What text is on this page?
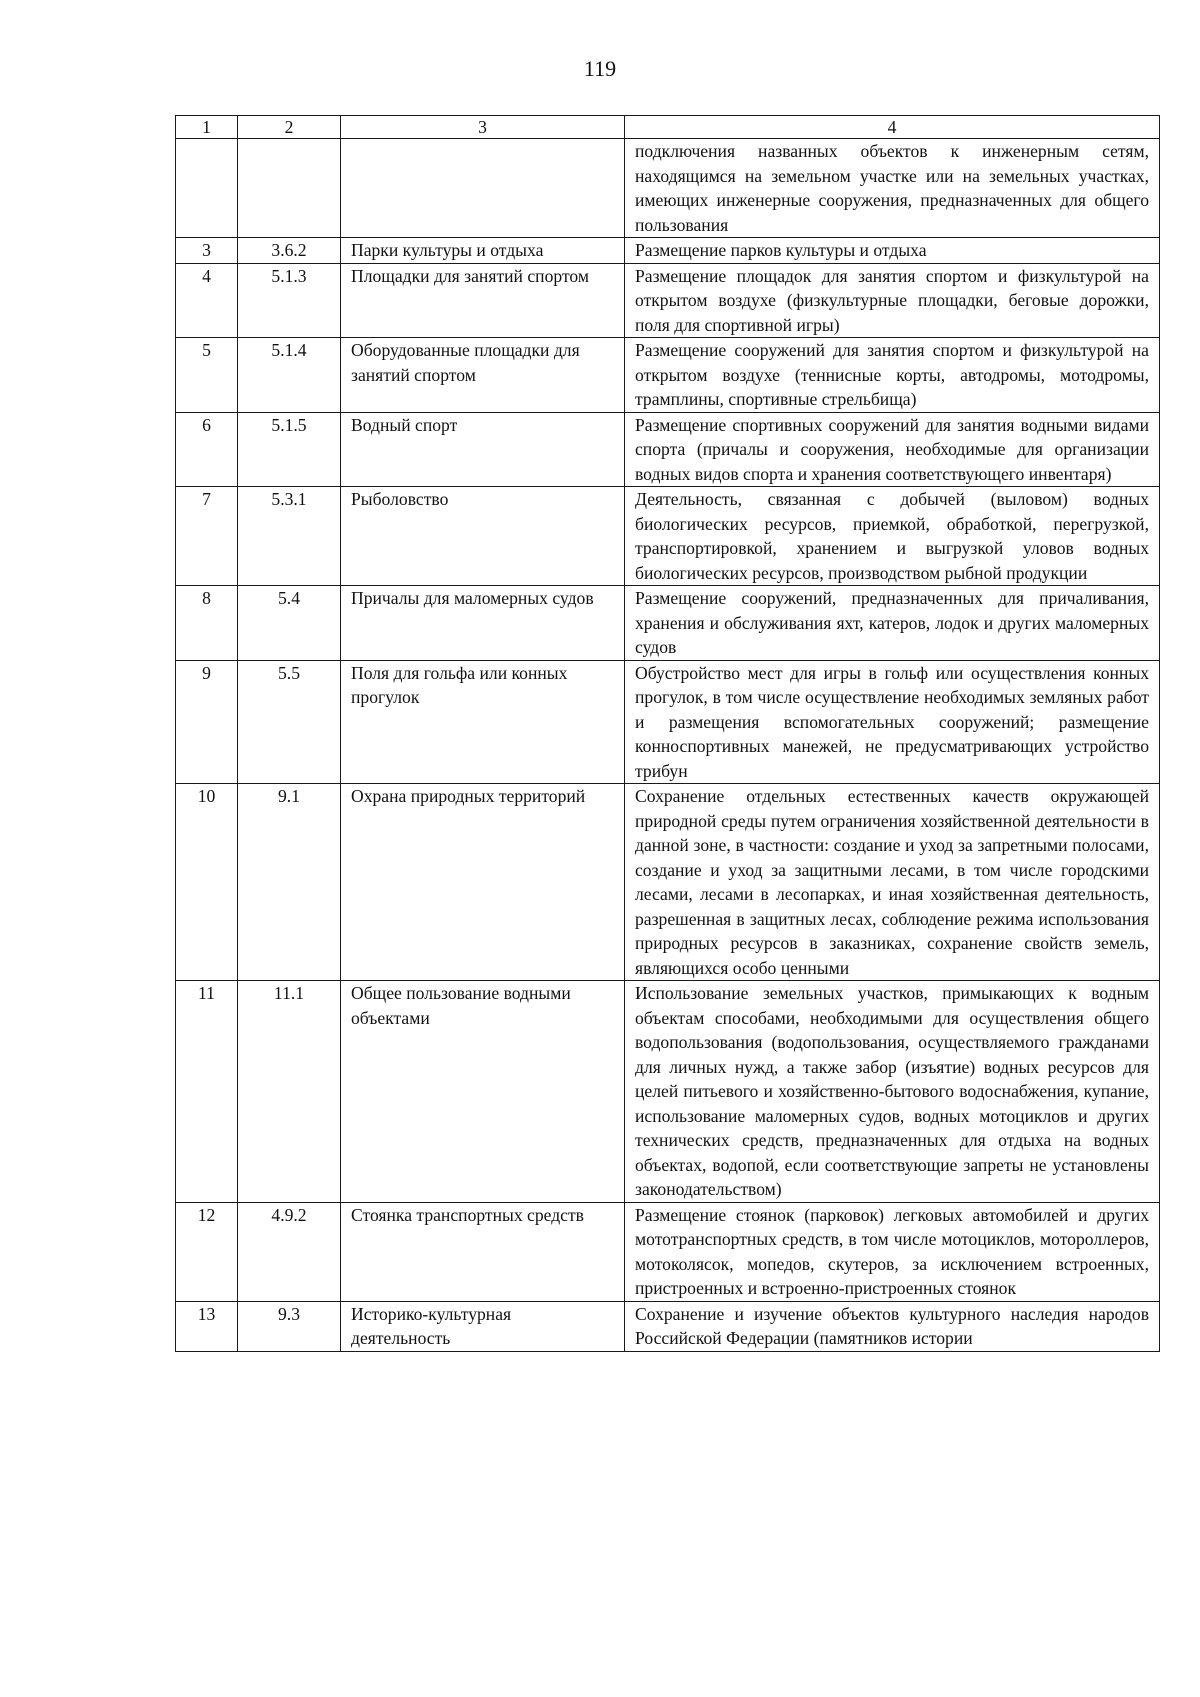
119
1	2	3	4
			подключения названных объектов к инженерным сетям, находящимся на земельном участке или на земельных участках, имеющих инженерные сооружения, предназначенных для общего пользования
3	3.6.2	Парки культуры и отдыха	Размещение парков культуры и отдыха
4	5.1.3	Площадки для занятий спортом	Размещение площадок для занятия спортом и физкультурой на открытом воздухе (физкультурные площадки, беговые дорожки, поля для спортивной игры)
5	5.1.4	Оборудованные площадки для занятий спортом	Размещение сооружений для занятия спортом и физкультурой на открытом воздухе (теннисные корты, автодромы, мотодромы, трамплины, спортивные стрельбища)
6	5.1.5	Водный спорт	Размещение спортивных сооружений для занятия водными видами спорта (причалы и сооружения, необходимые для организации водных видов спорта и хранения соответствующего инвентаря)
7	5.3.1	Рыболовство	Деятельность, связанная с добычей (выловом) водных биологических ресурсов, приемкой, обработкой, перегрузкой, транспортировкой, хранением и выгрузкой уловов водных биологических ресурсов, производством рыбной продукции
8	5.4	Причалы для маломерных судов	Размещение сооружений, предназначенных для причаливания, хранения и обслуживания яхт, катеров, лодок и других маломерных судов
9	5.5	Поля для гольфа или конных прогулок	Обустройство мест для игры в гольф или осуществления конных прогулок, в том числе осуществление необходимых земляных работ и размещения вспомогательных сооружений; размещение конноспортивных манежей, не предусматривающих устройство трибун
10	9.1	Охрана природных территорий	Сохранение отдельных естественных качеств окружающей природной среды путем ограничения хозяйственной деятельности в данной зоне, в частности: создание и уход за запретными полосами, создание и уход за защитными лесами, в том числе городскими лесами, лесами в лесопарках, и иная хозяйственная деятельность, разрешенная в защитных лесах, соблюдение режима использования природных ресурсов в заказниках, сохранение свойств земель, являющихся особо ценными
11	11.1	Общее пользование водными объектами	Использование земельных участков, примыкающих к водным объектам способами, необходимыми для осуществления общего водопользования (водопользования, осуществляемого гражданами для личных нужд, а также забор (изъятие) водных ресурсов для целей питьевого и хозяйственно-бытового водоснабжения, купание, использование маломерных судов, водных мотоциклов и других технических средств, предназначенных для отдыха на водных объектах, водопой, если соответствующие запреты не установлены законодательством)
12	4.9.2	Стоянка транспортных средств	Размещение стоянок (парковок) легковых автомобилей и других мототранспортных средств, в том числе мотоциклов, мотороллеров, мотоколясок, мопедов, скутеров, за исключением встроенных, пристроенных и встроенно-пристроенных стоянок
13	9.3	Историко-культурная деятельность	Сохранение и изучение объектов культурного наследия народов Российской Федерации (памятников истории
